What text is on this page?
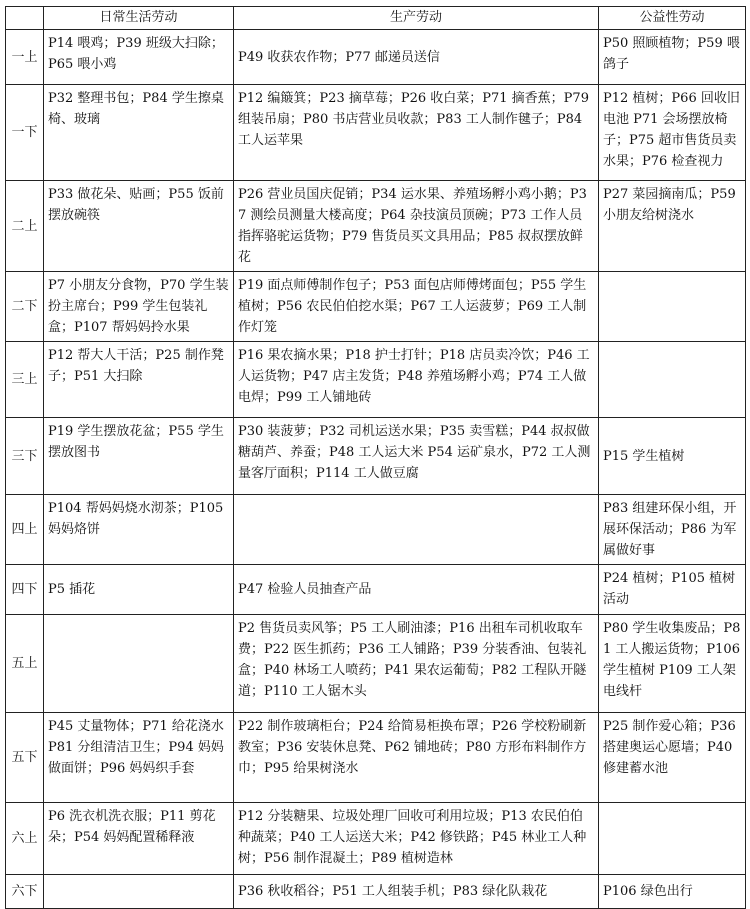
	日常生活劳动	生产劳动	公益性劳动
一上	P14 喂鸡；P39 班级大扫除；P65 喂小鸡	P49 收获农作物；P77 邮递员送信	P50 照顾植物；P59 喂鸽子
一下	P32 整理书包；P84 学生擦桌椅、玻璃	P12 编簸箕；P23 摘草莓；P26 收白菜；P71 摘香蕉；P79 组装吊扇；P80 书店营业员收款；P83 工人制作毽子；P84 工人运苹果	P12 植树；P66 回收旧电池 P71 会场摆放椅子；P75 超市售货员卖水果；P76 检查视力
二上	P33 做花朵、贴画；P55 饭前摆放碗筷	P26 营业员国庆促销；P34 运水果、养殖场孵小鸡小鹅；P37 测绘员测量大楼高度；P64 杂技演员顶碗；P73 工作人员指挥骆驼运货物；P79 售货员买文具用品；P85 叔叔摆放鲜花	P27 菜园摘南瓜；P59 小朋友给树浇水
二下	P7 小朋友分食物，P70 学生装扮主席台；P99 学生包装礼盒；P107 帮妈妈拎水果	P19 面点师傅制作包子；P53 面包店师傅烤面包；P55 学生植树；P56 农民伯伯挖水渠；P67 工人运菠萝；P69 工人制作灯笼	
三上	P12 帮大人干活；P25 制作凳子；P51 大扫除	P16 果农摘水果；P18 护士打针；P18 店员卖冷饮；P46 工人运货物；P47 店主发货；P48 养殖场孵小鸡；P74 工人做电焊；P99 工人铺地砖	
三下	P19 学生摆放花盆；P55 学生摆放图书	P30 装菠萝；P32 司机运送水果；P35 卖雪糕；P44 叔叔做糖葫芦、养蚕；P48 工人运大米 P54 运矿泉水，P72 工人测量客厅面积；P114 工人做豆腐	P15 学生植树
四上	P104 帮妈妈烧水沏茶；P105 妈妈烙饼		P83 组建环保小组，开展环保活动；P86 为军属做好事
四下	P5 插花	P47 检验人员抽查产品	P24 植树；P105 植树活动
五上		P2 售货员卖风筝；P5 工人刷油漆；P16 出租车司机收取车费；P22 医生抓药；P36 工人铺路；P39 分装香油、包装礼盒；P40 林场工人喷药；P41 果农运葡萄；P82 工程队开隧道；P110 工人锯木头	P80 学生收集废品；P81 工人搬运货物；P106 学生植树 P109 工人架电线杆
五下	P45 丈量物体；P71 给花浇水 P81 分组清洁卫生；P94 妈妈做面饼；P96 妈妈织手套	P22 制作玻璃柜台；P24 给简易柜换布罩；P26 学校粉刷新教室；P36 安装休息凳、P62 铺地砖；P80 方形布料制作方巾；P95 给果树浇水	P25 制作爱心箱；P36 搭建奥运心愿墙；P40 修建蓄水池
六上	P6 洗衣机洗衣服；P11 剪花朵；P54 妈妈配置稀释液	P12 分装糖果、垃圾处理厂回收可利用垃圾；P13 农民伯伯种蔬菜；P40 工人运送大米；P42 修铁路；P45 林业工人种树；P56 制作混凝土；P89 植树造林	
六下		P36 秋收稻谷；P51 工人组装手机；P83 绿化队栽花	P106 绿色出行
